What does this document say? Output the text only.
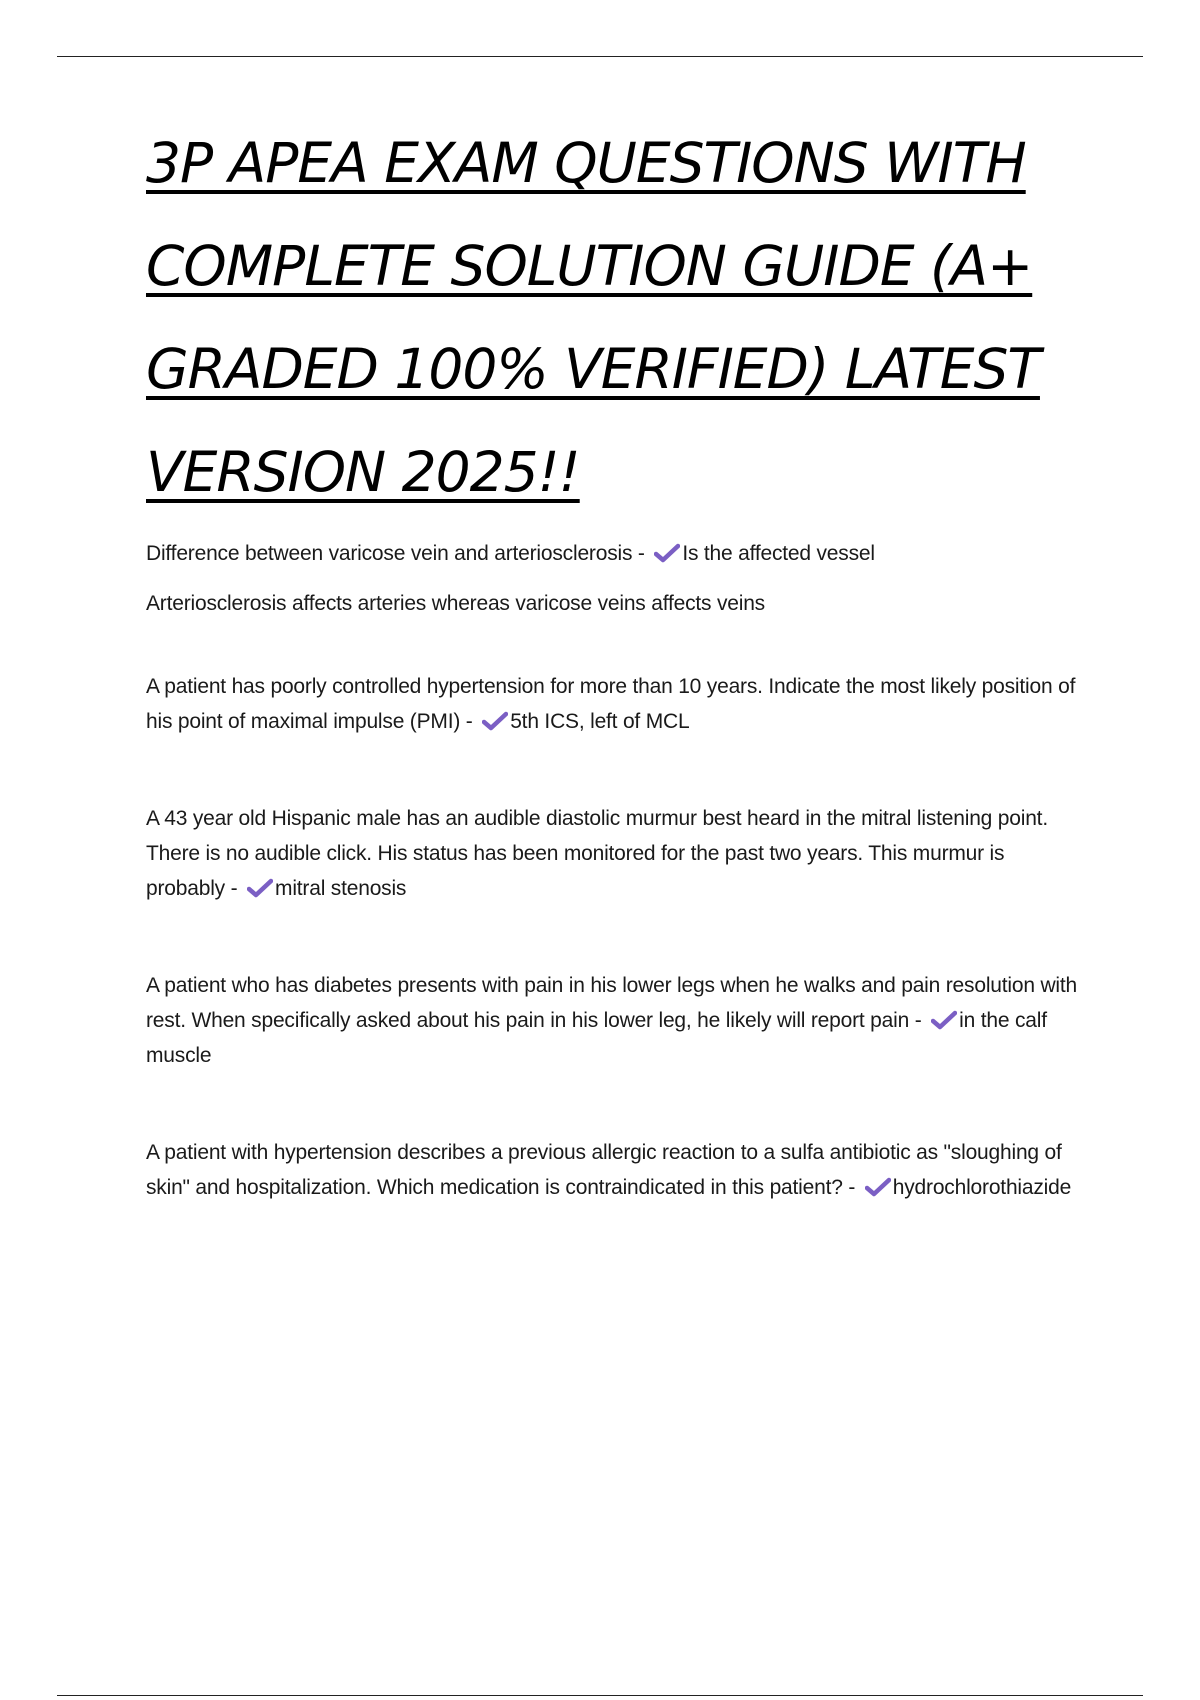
3P APEA EXAM QUESTIONS WITH COMPLETE SOLUTION GUIDE (A+ GRADED 100% VERIFIED) LATEST VERSION 2025!!

Difference between varicose vein and arteriosclerosis -
Is the affected vessel
Arteriosclerosis affects arteries whereas varicose veins affects veins

A patient has poorly controlled hypertension for more than 10 years. Indicate the most likely position of his point of maximal impulse (PMI) -
5th ICS, left of MCL

A 43 year old Hispanic male has an audible diastolic murmur best heard in the mitral listening point. There is no audible click. His status has been monitored for the past two years. This murmur is probably -
mitral stenosis

A patient who has diabetes presents with pain in his lower legs when he walks and pain resolution with rest. When specifically asked about his pain in his lower leg, he likely will report pain -
in the calf muscle

A patient with hypertension describes a previous allergic reaction to a sulfa antibiotic as "sloughing of skin" and hospitalization. Which medication is contraindicated in this patient? -
hydrochlorothiazide
